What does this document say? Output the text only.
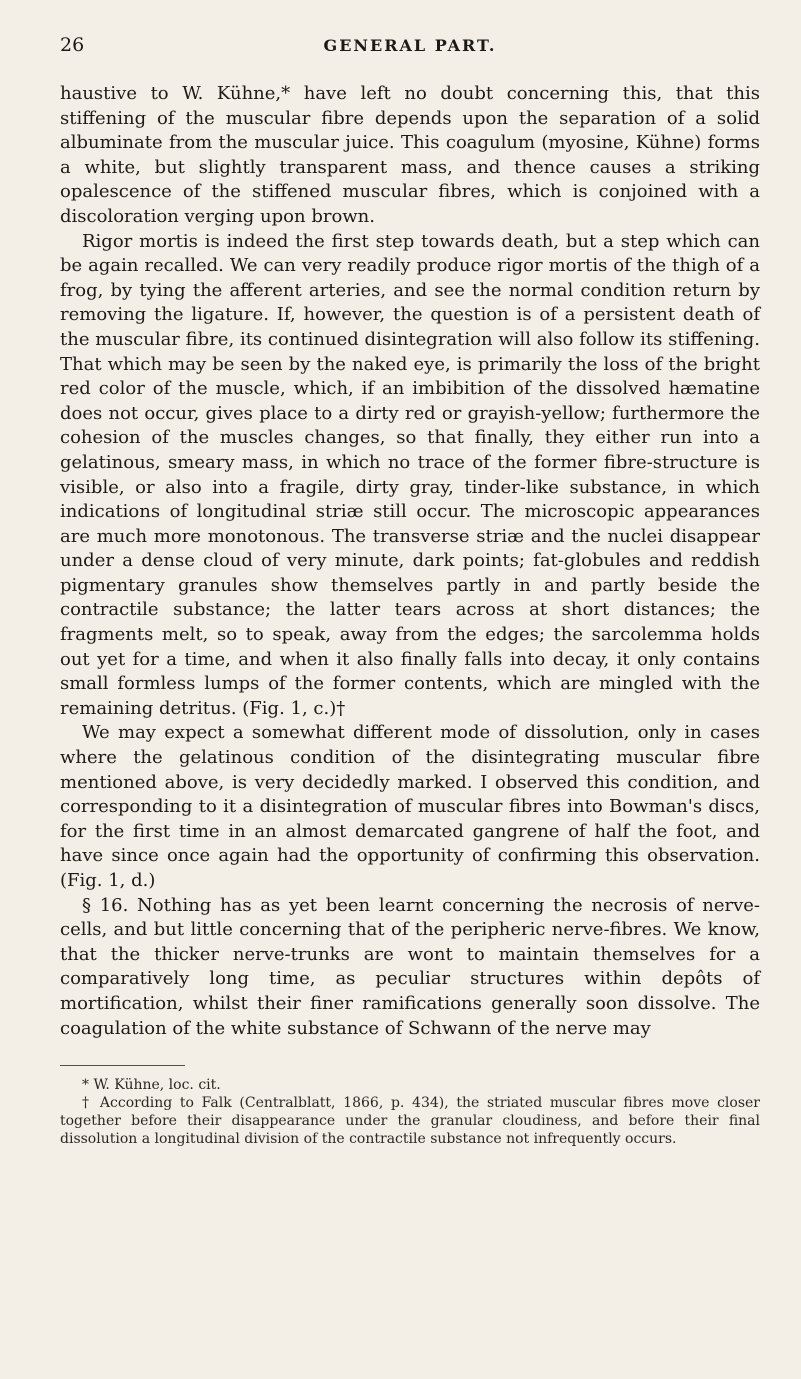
26	GENERAL PART.

haustive to W. Kühne,* have left no doubt concerning this, that this stiffening of the muscular fibre depends upon the separation of a solid albuminate from the muscular juice. This coagulum (myosine, Kühne) forms a white, but slightly transparent mass, and thence causes a striking opalescence of the stiffened muscular fibres, which is conjoined with a discoloration verging upon brown.

Rigor mortis is indeed the first step towards death, but a step which can be again recalled. We can very readily produce rigor mortis of the thigh of a frog, by tying the afferent arteries, and see the normal condition return by removing the ligature. If, however, the question is of a persistent death of the muscular fibre, its continued disintegration will also follow its stiffening. That which may be seen by the naked eye, is primarily the loss of the bright red color of the muscle, which, if an imbibition of the dissolved hæmatine does not occur, gives place to a dirty red or grayish-yellow; furthermore the cohesion of the muscles changes, so that finally, they either run into a gelatinous, smeary mass, in which no trace of the former fibre-structure is visible, or also into a fragile, dirty gray, tinder-like substance, in which indications of longitudinal striæ still occur. The microscopic appearances are much more monotonous. The transverse striæ and the nuclei disappear under a dense cloud of very minute, dark points; fat-globules and reddish pigmentary granules show themselves partly in and partly beside the contractile substance; the latter tears across at short distances; the fragments melt, so to speak, away from the edges; the sarcolemma holds out yet for a time, and when it also finally falls into decay, it only contains small formless lumps of the former contents, which are mingled with the remaining detritus. (Fig. 1, c.)†

We may expect a somewhat different mode of dissolution, only in cases where the gelatinous condition of the disintegrating muscular fibre mentioned above, is very decidedly marked. I observed this condition, and corresponding to it a disintegration of muscular fibres into Bowman's discs, for the first time in an almost demarcated gangrene of half the foot, and have since once again had the opportunity of confirming this observation. (Fig. 1, d.)

§ 16. Nothing has as yet been learnt concerning the necrosis of nerve-cells, and but little concerning that of the peripheric nerve-fibres. We know, that the thicker nerve-trunks are wont to maintain themselves for a comparatively long time, as peculiar structures within depôts of mortification, whilst their finer ramifications generally soon dissolve. The coagulation of the white substance of Schwann of the nerve may

* W. Kühne, loc. cit.

† According to Falk (Centralblatt, 1866, p. 434), the striated muscular fibres move closer together before their disappearance under the granular cloudiness, and before their final dissolution a longitudinal division of the contractile substance not infrequently occurs.
